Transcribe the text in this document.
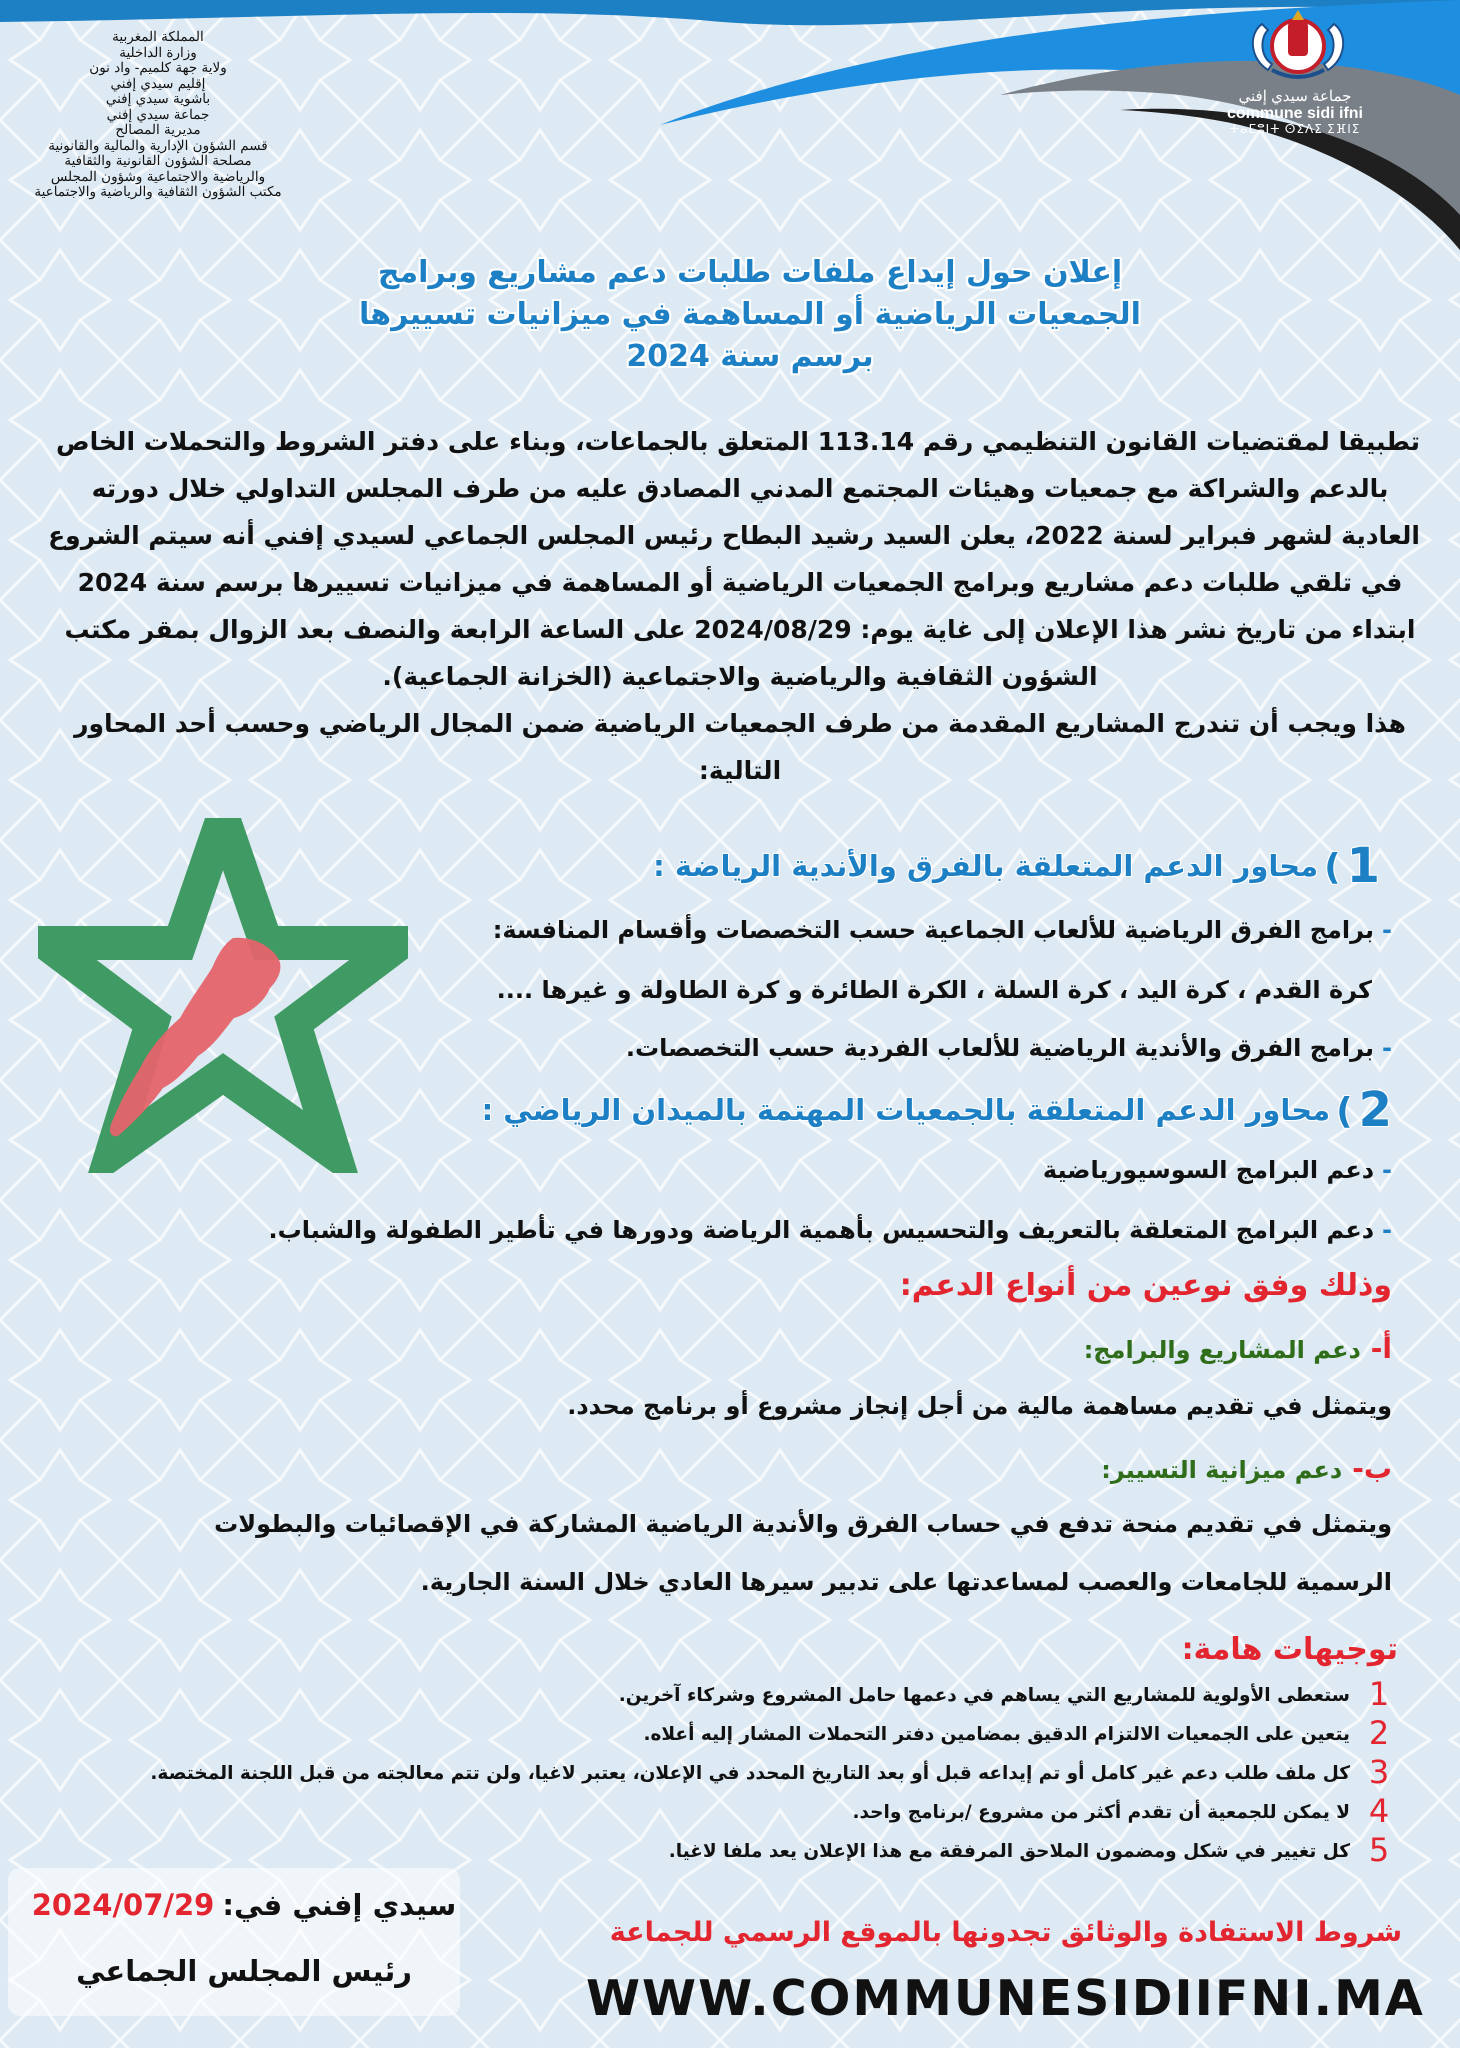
جماعة سيدي إفني
commune sidi ifni
ⵜⴰⵎⵓⵏⵜ ⵙⵉⴷⵉ ⵉⴼⵏⵉ
المملكة المغربية
وزارة الداخلية
ولاية جهة كلميم- واد نون
إقليم سيدي إفني
باشوية سيدي إفني
جماعة سيدي إفني
مديرية المصالح
قسم الشؤون الإدارية والمالية والقانونية
مصلحة الشؤون القانونية والثقافية
والرياضية والاجتماعية وشؤون المجلس
مكتب الشؤون الثقافية والرياضية والاجتماعية
إعلان حول إيداع ملفات طلبات دعم مشاريع وبرامج
الجمعيات الرياضية أو المساهمة في ميزانيات تسييرها
برسم سنة 2024
تطبيقا لمقتضيات القانون التنظيمي رقم 113.14 المتعلق بالجماعات، وبناء على دفتر الشروط والتحملات الخاص
بالدعم والشراكة مع جمعيات وهيئات المجتمع المدني المصادق عليه من طرف المجلس التداولي خلال دورته
العادية لشهر فبراير لسنة 2022، يعلن السيد رشيد البطاح رئيس المجلس الجماعي لسيدي إفني أنه سيتم الشروع
في تلقي طلبات دعم مشاريع وبرامج الجمعيات الرياضية أو المساهمة في ميزانيات تسييرها برسم سنة 2024
ابتداء من تاريخ نشر هذا الإعلان إلى غاية يوم: 2024/08/29 على الساعة الرابعة والنصف بعد الزوال بمقر مكتب
الشؤون الثقافية والرياضية والاجتماعية (الخزانة الجماعية).
هذا ويجب أن تندرج المشاريع المقدمة من طرف الجمعيات الرياضية ضمن المجال الرياضي وحسب أحد المحاور
التالية:
1)محاور الدعم المتعلقة بالفرق والأندية الرياضة :
-برامج الفرق الرياضية للألعاب الجماعية حسب التخصصات وأقسام المنافسة:
كرة القدم ، كرة اليد ، كرة السلة ، الكرة الطائرة و كرة الطاولة و غيرها ....
-برامج الفرق والأندية الرياضية للألعاب الفردية حسب التخصصات.
2)محاور الدعم المتعلقة بالجمعيات المهتمة بالميدان الرياضي :
-دعم البرامج السوسيورياضية
-دعم البرامج المتعلقة بالتعريف والتحسيس بأهمية الرياضة ودورها في تأطير الطفولة والشباب.
وذلك وفق نوعين من أنواع الدعم:
أ-دعم المشاريع والبرامج:
ويتمثل في تقديم مساهمة مالية من أجل إنجاز مشروع أو برنامج محدد.
ب-دعم ميزانية التسيير:
ويتمثل في تقديم منحة تدفع في حساب الفرق والأندية الرياضية المشاركة في الإقصائيات والبطولات
الرسمية للجامعات والعصب لمساعدتها على تدبير سيرها العادي خلال السنة الجارية.
توجيهات هامة:
1ستعطى الأولوية للمشاريع التي يساهم في دعمها حامل المشروع وشركاء آخرين.
2يتعين على الجمعيات الالتزام الدقيق بمضامين دفتر التحملات المشار إليه أعلاه.
3كل ملف طلب دعم غير كامل أو تم إيداعه قبل أو بعد التاريخ المحدد في الإعلان، يعتبر لاغيا، ولن تتم معالجته من قبل اللجنة المختصة.
4لا يمكن للجمعية أن تقدم أكثر من مشروع /برنامج واحد.
5كل تغيير في شكل ومضمون الملاحق المرفقة مع هذا الإعلان يعد ملفا لاغيا.
سيدي إفني في:2024/07/29
رئيس المجلس الجماعي
شروط الاستفادة والوثائق تجدونها بالموقع الرسمي للجماعة
WWW.COMMUNESIDIIFNI.MA
